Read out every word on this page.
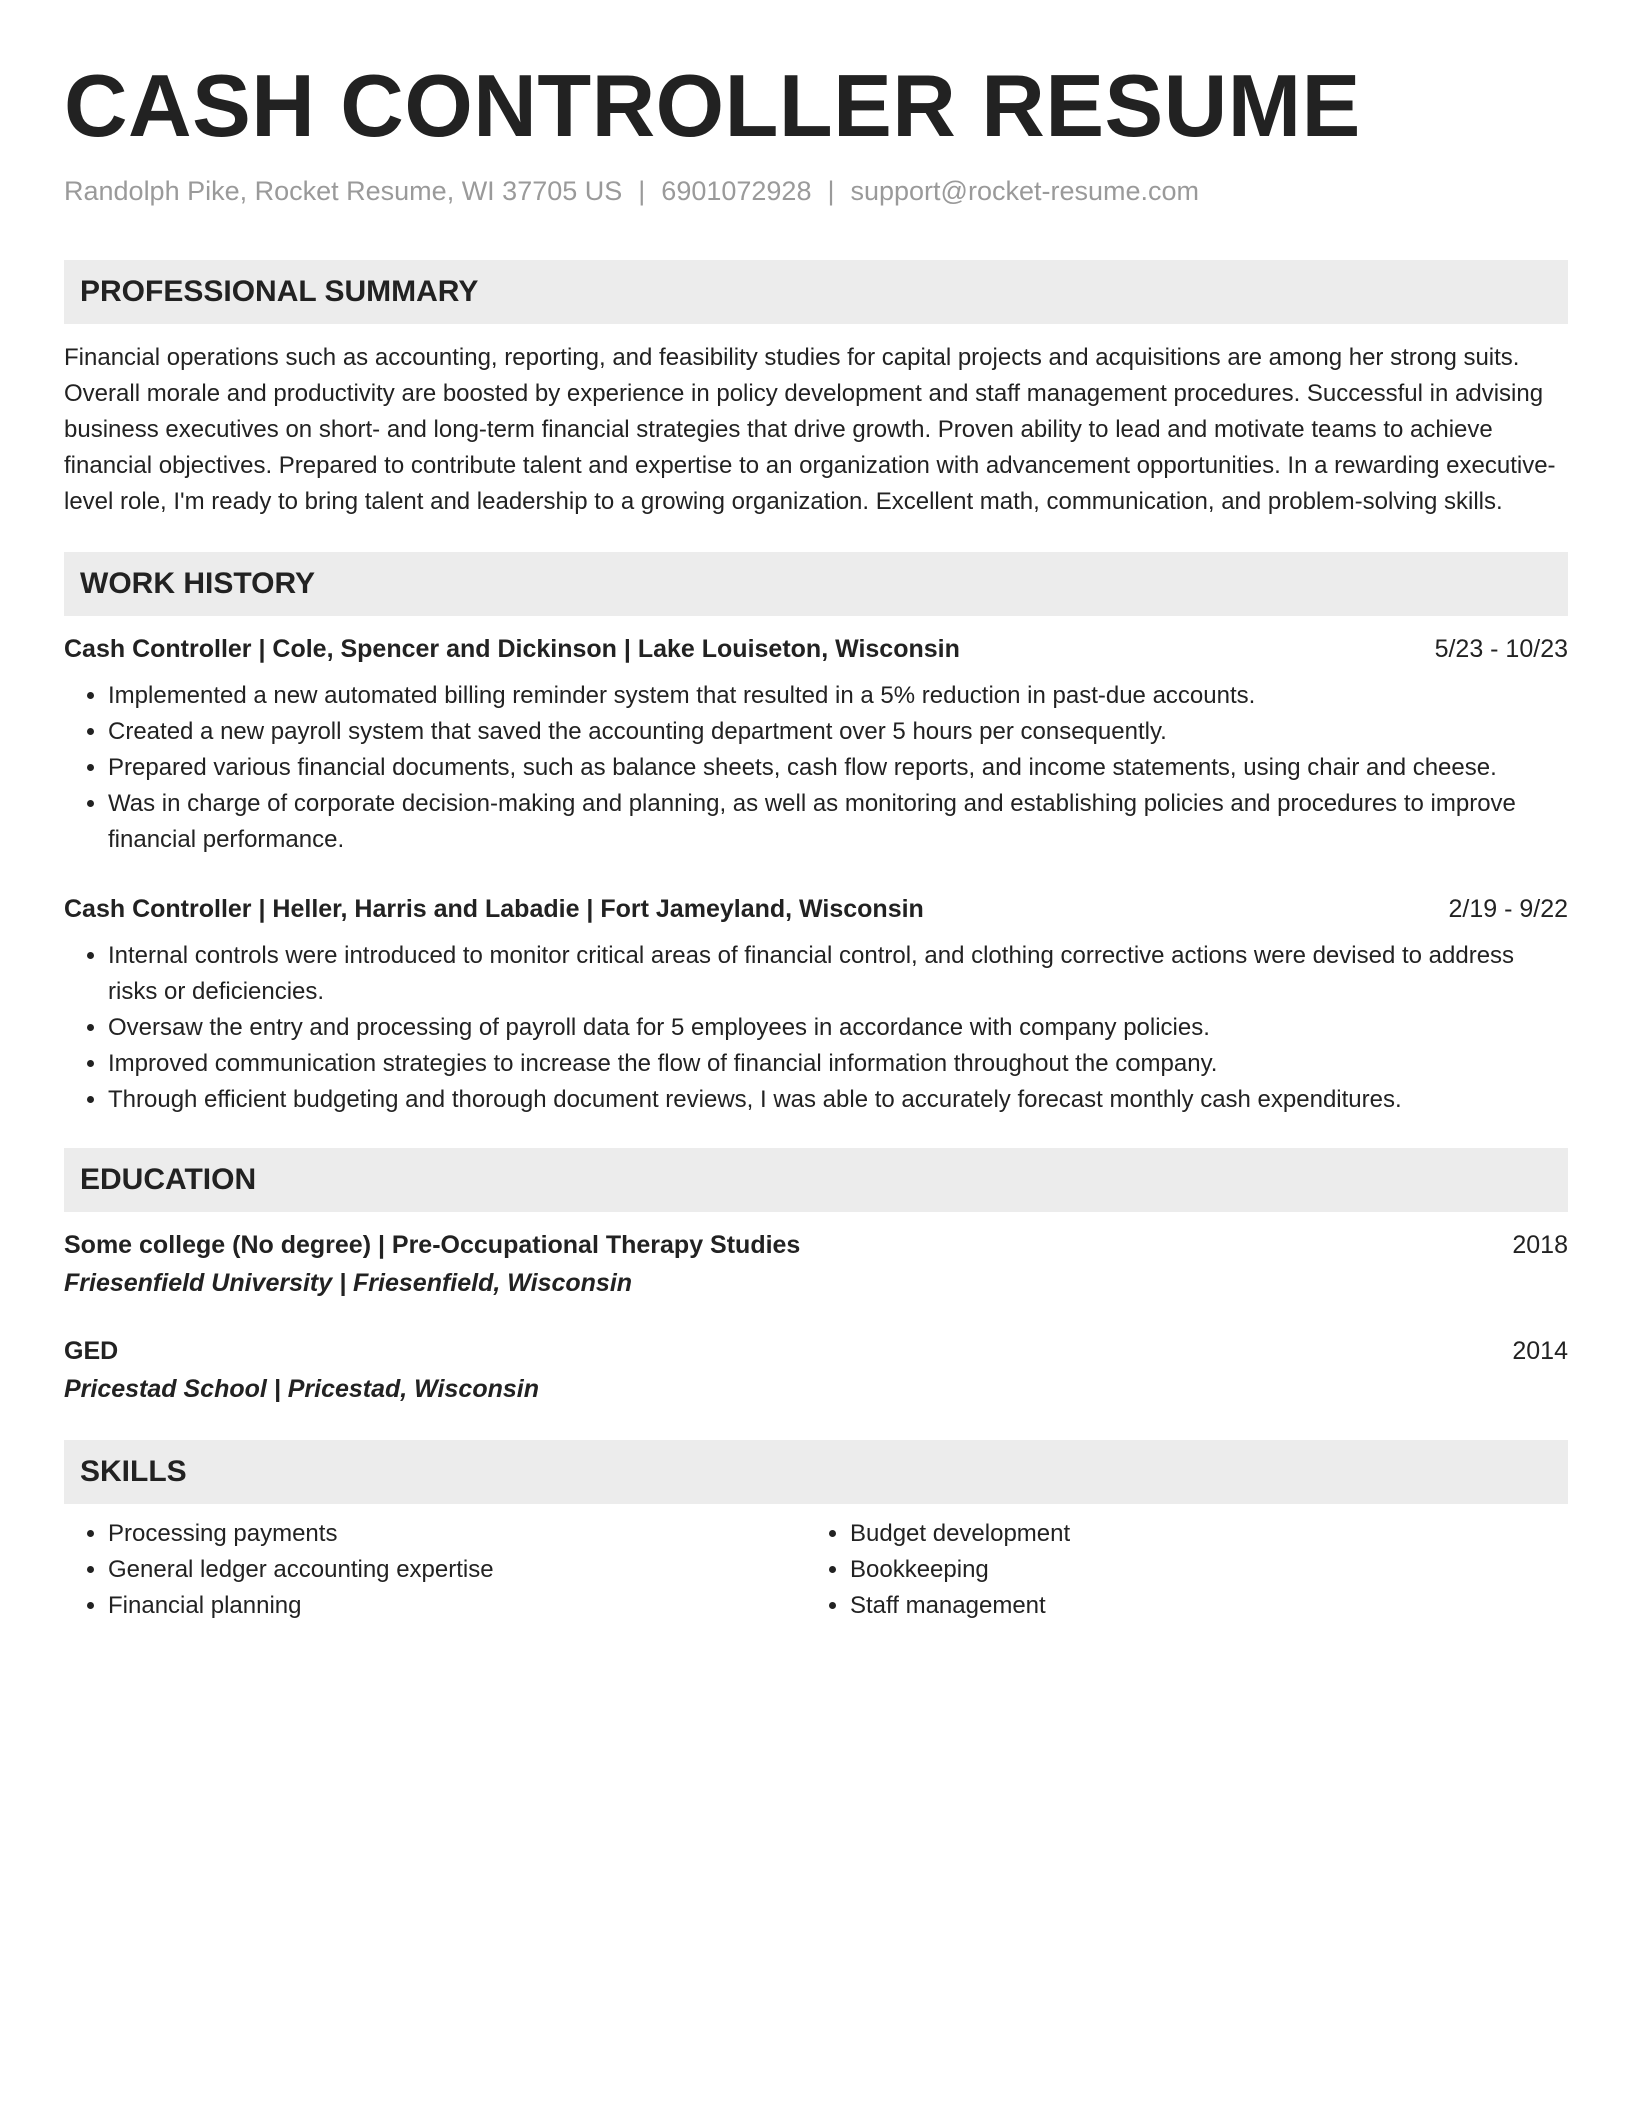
CASH CONTROLLER RESUME
Randolph Pike, Rocket Resume, WI 37705 US | 6901072928 | support@rocket-resume.com
PROFESSIONAL SUMMARY

Financial operations such as accounting, reporting, and feasibility studies for capital projects and acquisitions are among her strong suits. Overall morale and productivity are boosted by experience in policy development and staff management procedures. Successful in advising business executives on short- and long-term financial strategies that drive growth. Proven ability to lead and motivate teams to achieve financial objectives. Prepared to contribute talent and expertise to an organization with advancement opportunities. In a rewarding executive-level role, I'm ready to bring talent and leadership to a growing organization. Excellent math, communication, and problem-solving skills.

WORK HISTORY
Cash Controller | Cole, Spencer and Dickinson | Lake Louiseton, Wisconsin	5/23 - 10/23
• Implemented a new automated billing reminder system that resulted in a 5% reduction in past-due accounts.
• Created a new payroll system that saved the accounting department over 5 hours per consequently.
• Prepared various financial documents, such as balance sheets, cash flow reports, and income statements, using chair and cheese.
• Was in charge of corporate decision-making and planning, as well as monitoring and establishing policies and procedures to improve financial performance.
Cash Controller | Heller, Harris and Labadie | Fort Jameyland, Wisconsin	2/19 - 9/22
• Internal controls were introduced to monitor critical areas of financial control, and clothing corrective actions were devised to address risks or deficiencies.
• Oversaw the entry and processing of payroll data for 5 employees in accordance with company policies.
• Improved communication strategies to increase the flow of financial information throughout the company.
• Through efficient budgeting and thorough document reviews, I was able to accurately forecast monthly cash expenditures.
EDUCATION
Some college (No degree) | Pre-Occupational Therapy Studies	2018
Friesenfield University | Friesenfield, Wisconsin
GED	2014
Pricestad School | Pricestad, Wisconsin
SKILLS
• Processing payments
• General ledger accounting expertise
• Financial planning
• Budget development
• Bookkeeping
• Staff management
